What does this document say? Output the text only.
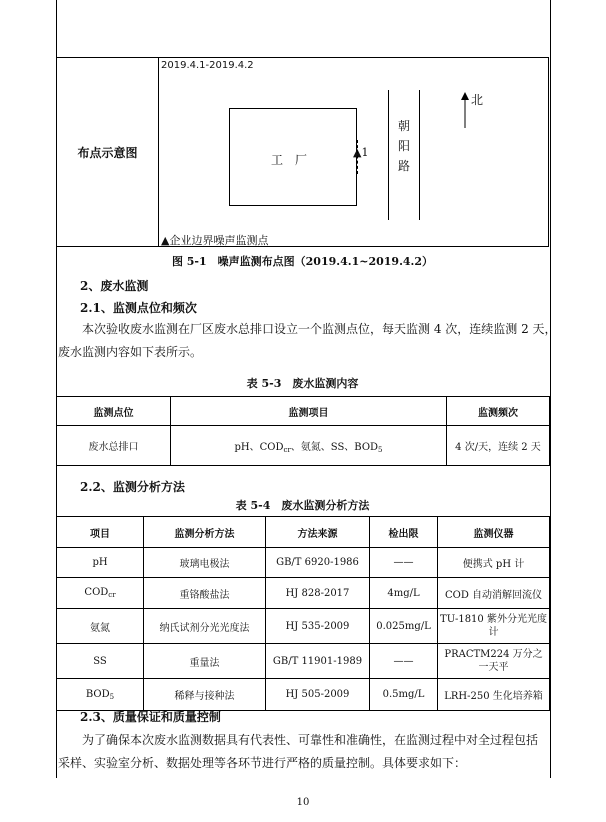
布点示意图	
2019.4.1-2019.4.2
工　厂
▲1
朝
阳
路
北
▲企业边界噪声监测点
图 5-1　噪声监测布点图（2019.4.1~2019.4.2）
2、废水监测
2.1、监测点位和频次
　　本次验收废水监测在厂区废水总排口设立一个监测点位，每天监测 4 次，连续监测 2 天，
废水监测内容如下表所示。
表 5-3　废水监测内容
监测点位	监测项目	监测频次
废水总排口	pH、$COD_{cr}$、氨氮、SS、$BOD_5$	4 次/天，连续 2 天
2.2、监测分析方法
表 5-4　废水监测分析方法
项目	监测分析方法	方法来源	检出限	监测仪器
pH	玻璃电极法	GB/T 6920-1986	——	便携式 pH 计
$COD_{cr}$	重铬酸盐法	HJ 828-2017	4mg/L	COD 自动消解回流仪
氨氮	纳氏试剂分光光度法	HJ 535-2009	0.025mg/L	TU-1810 紫外分光光度计
SS	重量法	GB/T 11901-1989	——	PRACTM224 万分之一天平
$BOD_5$	稀释与接种法	HJ 505-2009	0.5mg/L	LRH-250 生化培养箱
2.3、质量保证和质量控制
　　为了确保本次废水监测数据具有代表性、可靠性和准确性，在监测过程中对全过程包括
采样、实验室分析、数据处理等各环节进行严格的质量控制。具体要求如下：
10
